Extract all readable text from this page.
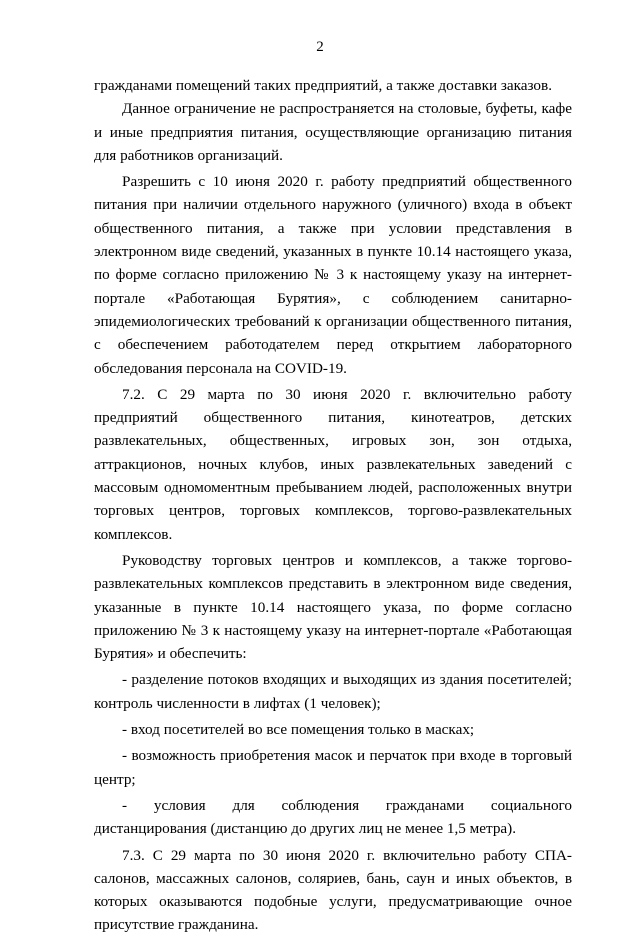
2

гражданами помещений таких предприятий, а также доставки заказов.

Данное ограничение не распространяется на столовые, буфеты, кафе и иные предприятия питания, осуществляющие организацию питания для работников организаций.

Разрешить с 10 июня 2020 г. работу предприятий общественного питания при наличии отдельного наружного (уличного) входа в объект общественного питания, а также при условии представления в электронном виде сведений, указанных в пункте 10.14 настоящего указа, по форме согласно приложению № 3 к настоящему указу на интернет-портале «Работающая Бурятия», с соблюдением санитарно-эпидемиологических требований к организации общественного питания, с обеспечением работодателем перед открытием лабораторного обследования персонала на COVID-19.

7.2. С 29 марта по 30 июня 2020 г. включительно работу предприятий общественного питания, кинотеатров, детских развлекательных, общественных, игровых зон, зон отдыха, аттракционов, ночных клубов, иных развлекательных заведений с массовым одномоментным пребыванием людей, расположенных внутри торговых центров, торговых комплексов, торгово-развлекательных комплексов.

Руководству торговых центров и комплексов, а также торгово-развлекательных комплексов представить в электронном виде сведения, указанные в пункте 10.14 настоящего указа, по форме согласно приложению № 3 к настоящему указу на интернет-портале «Работающая Бурятия» и обеспечить:

- разделение потоков входящих и выходящих из здания посетителей; контроль численности в лифтах (1 человек);

- вход посетителей во все помещения только в масках;

- возможность приобретения масок и перчаток при входе в торговый центр;

- условия для соблюдения гражданами социального дистанцирования (дистанцию до других лиц не менее 1,5 метра).

7.3. С 29 марта по 30 июня 2020 г. включительно работу СПА-салонов, массажных салонов, соляриев, бань, саун и иных объектов, в которых оказываются подобные услуги, предусматривающие очное присутствие гражданина.
